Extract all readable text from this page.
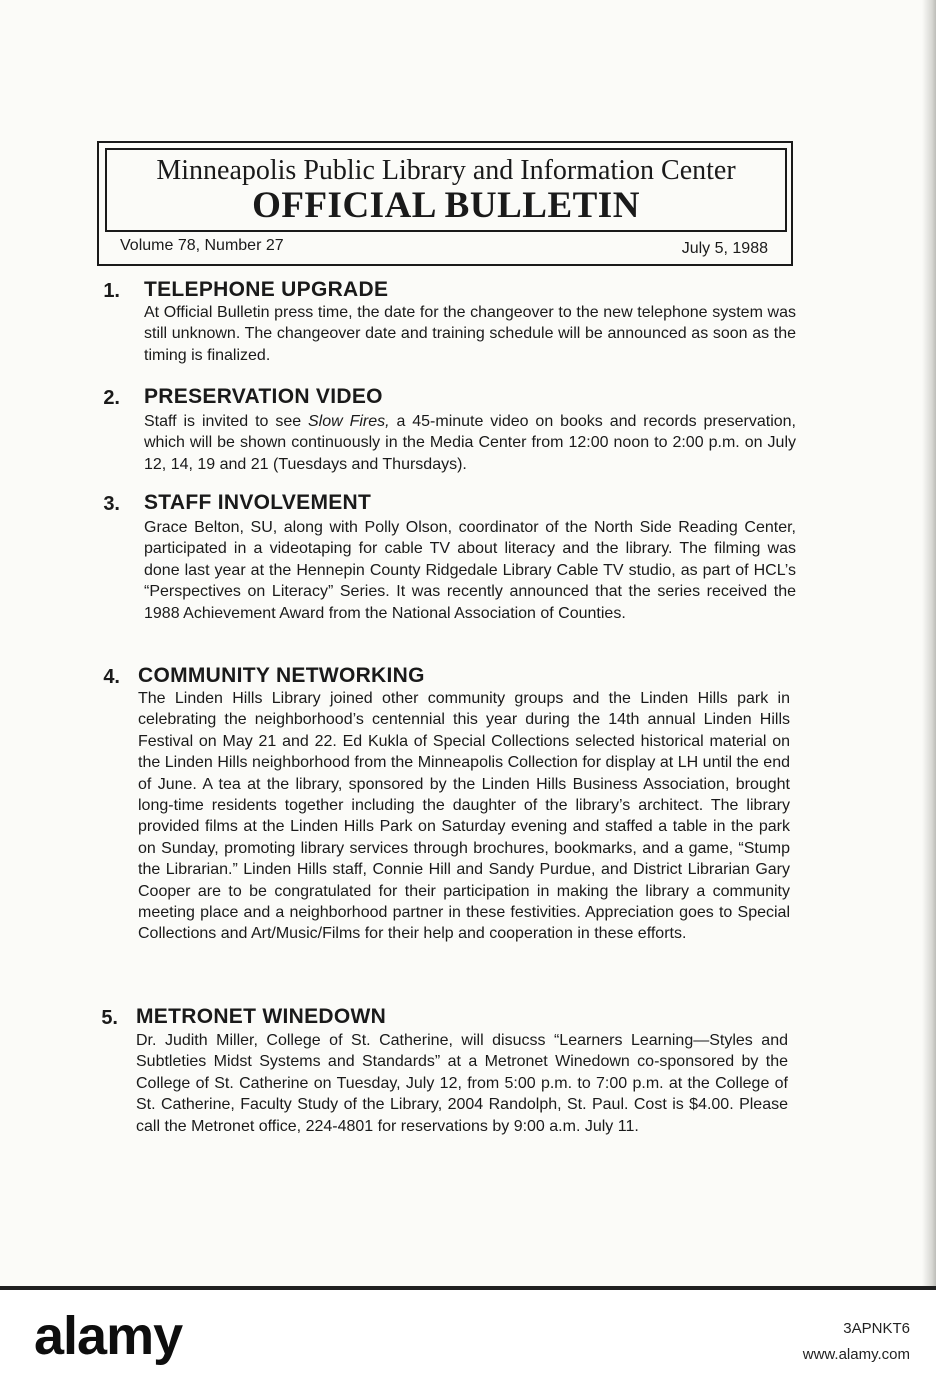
Minneapolis Public Library and Information Center
OFFICIAL BULLETIN
Volume 78, Number 27	July 5, 1988
1. TELEPHONE UPGRADE
At Official Bulletin press time, the date for the changeover to the new telephone system was still unknown. The changeover date and training schedule will be announced as soon as the timing is finalized.
2. PRESERVATION VIDEO
Staff is invited to see Slow Fires, a 45-minute video on books and records preservation, which will be shown continuously in the Media Center from 12:00 noon to 2:00 p.m. on July 12, 14, 19 and 21 (Tuesdays and Thursdays).
3. STAFF INVOLVEMENT
Grace Belton, SU, along with Polly Olson, coordinator of the North Side Reading Center, participated in a videotaping for cable TV about literacy and the library. The filming was done last year at the Hennepin County Ridgedale Library Cable TV studio, as part of HCL’s “Perspectives on Literacy” Series. It was recently announced that the series received the 1988 Achievement Award from the National Association of Counties.
4. COMMUNITY NETWORKING
The Linden Hills Library joined other community groups and the Linden Hills park in celebrating the neighborhood’s centennial this year during the 14th annual Linden Hills Festival on May 21 and 22. Ed Kukla of Special Collections selected historical material on the Linden Hills neighborhood from the Minneapolis Collection for display at LH until the end of June. A tea at the library, sponsored by the Linden Hills Business Association, brought long-time residents together including the daughter of the library’s architect. The library provided films at the Linden Hills Park on Saturday evening and staffed a table in the park on Sunday, promoting library services through brochures, bookmarks, and a game, “Stump the Librarian.” Linden Hills staff, Connie Hill and Sandy Purdue, and District Librarian Gary Cooper are to be congratulated for their participation in making the library a community meeting place and a neighborhood partner in these festivities. Appreciation goes to Special Collections and Art/Music/Films for their help and cooperation in these efforts.
5. METRONET WINEDOWN
Dr. Judith Miller, College of St. Catherine, will disucss “Learners Learning—Styles and Subtleties Midst Systems and Standards” at a Metronet Winedown co-sponsored by the College of St. Catherine on Tuesday, July 12, from 5:00 p.m. to 7:00 p.m. at the College of St. Catherine, Faculty Study of the Library, 2004 Randolph, St. Paul. Cost is $4.00. Please call the Metronet office, 224-4801 for reservations by 9:00 a.m. July 11.
alamy	3APNKT6
www.alamy.com
